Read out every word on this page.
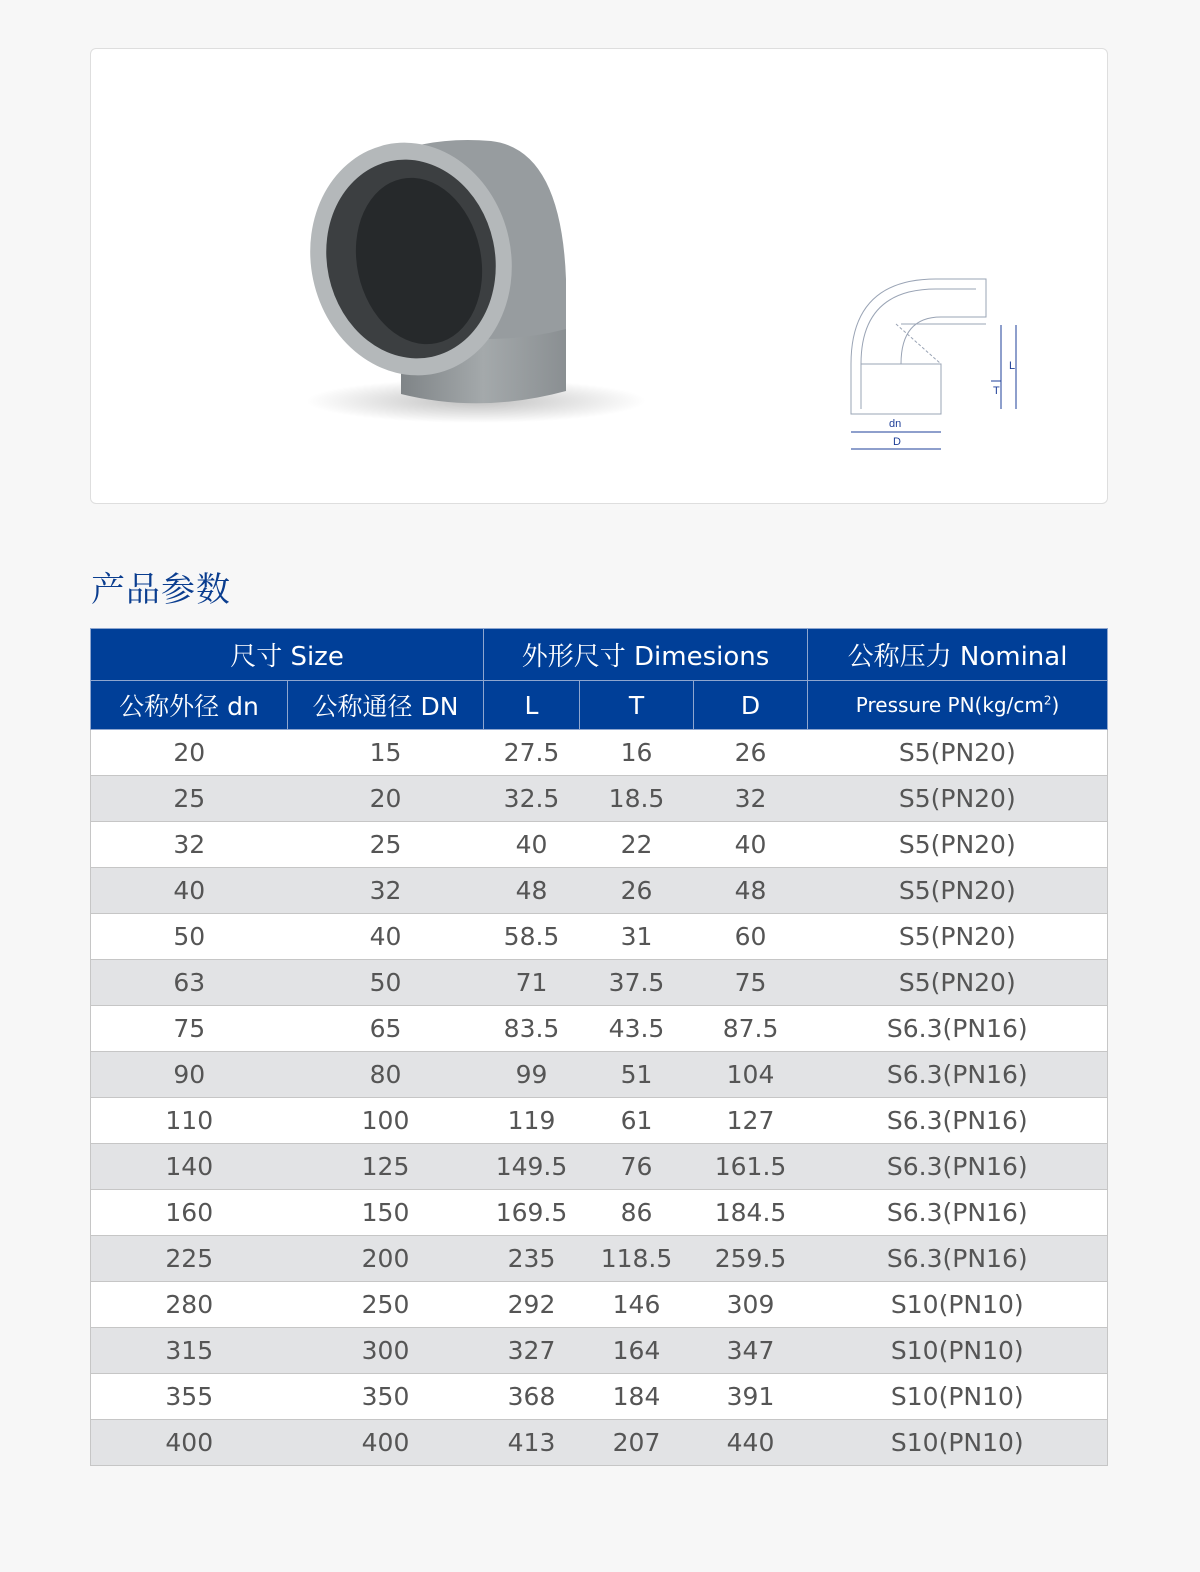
dn
D
T
L
产品参数
尺寸 Size		外形尺寸 Dimesions			公称压力 Nominal
公称外径 dn	公称通径 DN	L	T	D	Pressure $PN(kg/cm^2)$
20	15	27.5	16	26	S5(PN20)
25	20	32.5	18.5	32	S5(PN20)
32	25	40	22	40	S5(PN20)
40	32	48	26	48	S5(PN20)
50	40	58.5	31	60	S5(PN20)
63	50	71	37.5	75	S5(PN20)
75	65	83.5	43.5	87.5	S6.3(PN16)
90	80	99	51	104	S6.3(PN16)
110	100	119	61	127	S6.3(PN16)
140	125	149.5	76	161.5	S6.3(PN16)
160	150	169.5	86	184.5	S6.3(PN16)
225	200	235	118.5	259.5	S6.3(PN16)
280	250	292	146	309	S10(PN10)
315	300	327	164	347	S10(PN10)
355	350	368	184	391	S10(PN10)
400	400	413	207	440	S10(PN10)
